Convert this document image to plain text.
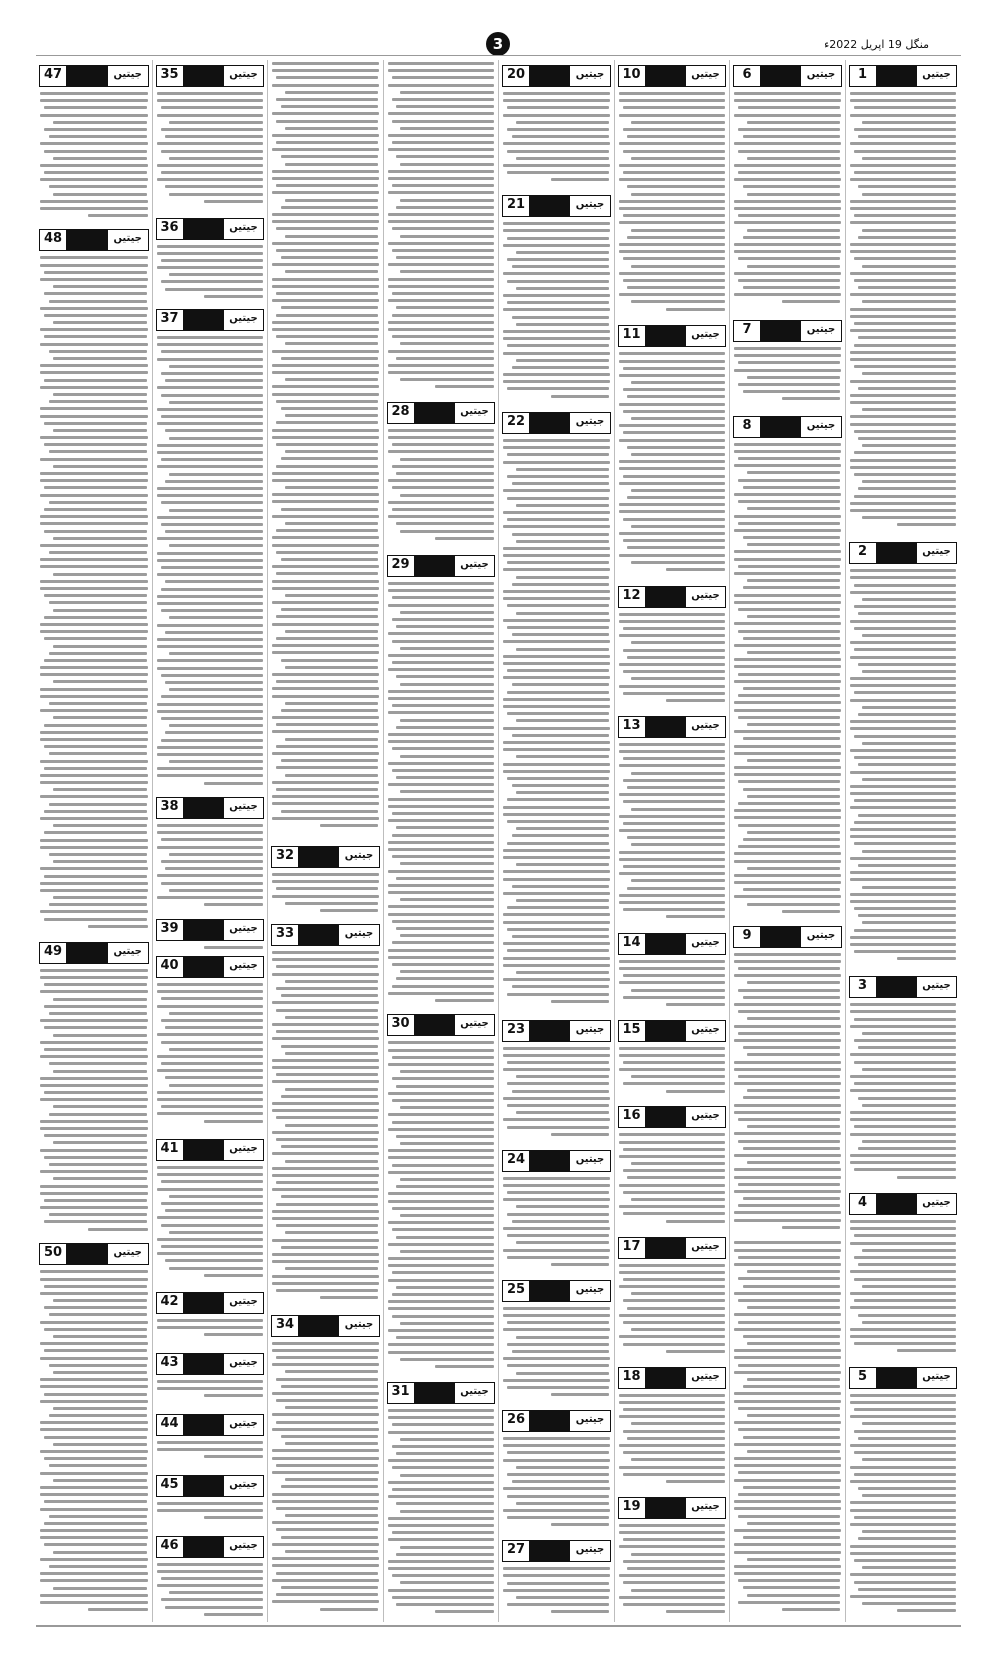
منگل 19 اپریل 2022ء
3
جیتیں
1
جیتیں
2
جیتیں
3
جیتیں
4
جیتیں
5
جیتیں
6
جیتیں
7
جیتیں
8
جیتیں
9
جیتیں
10
جیتیں
11
جیتیں
12
جیتیں
13
جیتیں
14
جیتیں
15
جیتیں
16
جیتیں
17
جیتیں
18
جیتیں
19
جیتیں
20
جیتیں
21
جیتیں
22
جیتیں
23
جیتیں
24
جیتیں
25
جیتیں
26
جیتیں
27
جیتیں
28
جیتیں
29
جیتیں
30
جیتیں
31
جیتیں
32
جیتیں
33
جیتیں
34
جیتیں
35
جیتیں
36
جیتیں
37
جیتیں
38
جیتیں
39
جیتیں
40
جیتیں
41
جیتیں
42
جیتیں
43
جیتیں
44
جیتیں
45
جیتیں
46
جیتیں
47
جیتیں
48
جیتیں
49
جیتیں
50
